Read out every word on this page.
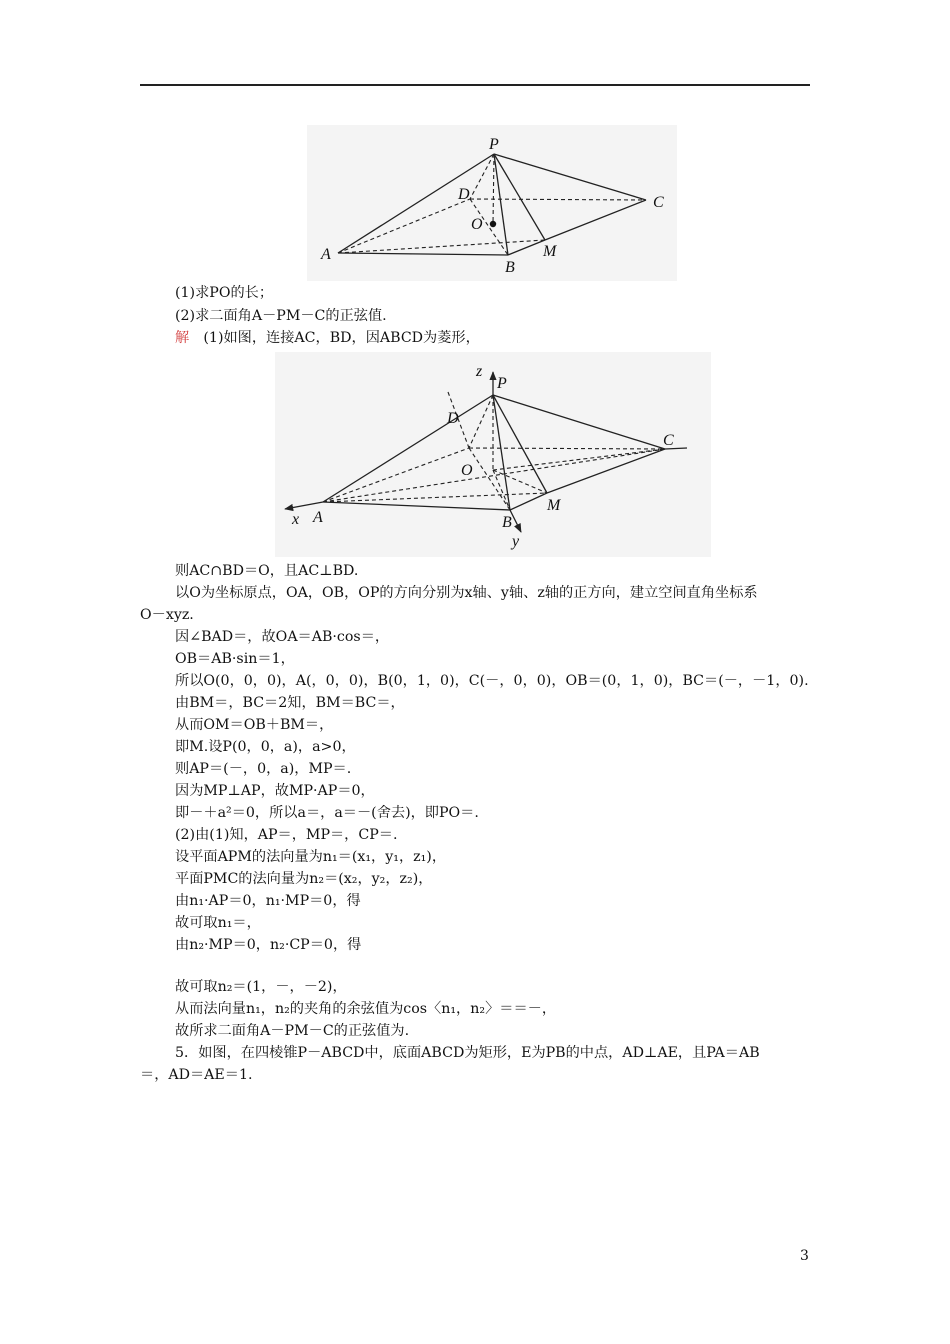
P
D	C
O
A
B
M
(1)求PO的长；
(2)求二面角A－PM－C的正弦值.
解　(1)如图，连接AC，BD，因ABCD为菱形，
z
P
D
C
O
A
x	B
M
y
则AC∩BD＝O，且AC⊥BD.
以O为坐标原点，OA，OB，OP的方向分别为x轴、y轴、z轴的正方向，建立空间直角坐标系
O－xyz.
因∠BAD＝，故OA＝AB·cos＝，
OB＝AB·sin＝1，
所以O(0，0，0)，A(，0，0)，B(0，1，0)，C(－，0，0)，OB＝(0，1，0)，BC＝(－，－1，0).
由BM＝，BC＝2知，BM＝BC＝，
从而OM＝OB＋BM＝，
即M.设P(0，0，a)，a>0，
则AP＝(－，0，a)，MP＝.
因为MP⊥AP，故MP·AP＝0，
即－＋a²＝0，所以a＝，a＝－(舍去)，即PO＝.
(2)由(1)知，AP＝，MP＝，CP＝.
设平面APM的法向量为n₁＝(x₁，y₁，z₁)，
平面PMC的法向量为n₂＝(x₂，y₂，z₂)，
由n₁·AP＝0，n₁·MP＝0，得
故可取n₁＝，
由n₂·MP＝0，n₂·CP＝0，得
故可取n₂＝(1，－，－2)，
从而法向量n₁，n₂的夹角的余弦值为cos〈n₁，n₂〉＝＝－，
故所求二面角A－PM－C的正弦值为.
5．如图，在四棱锥P－ABCD中，底面ABCD为矩形，E为PB的中点，AD⊥AE，且PA＝AB
＝，AD＝AE＝1.
3
